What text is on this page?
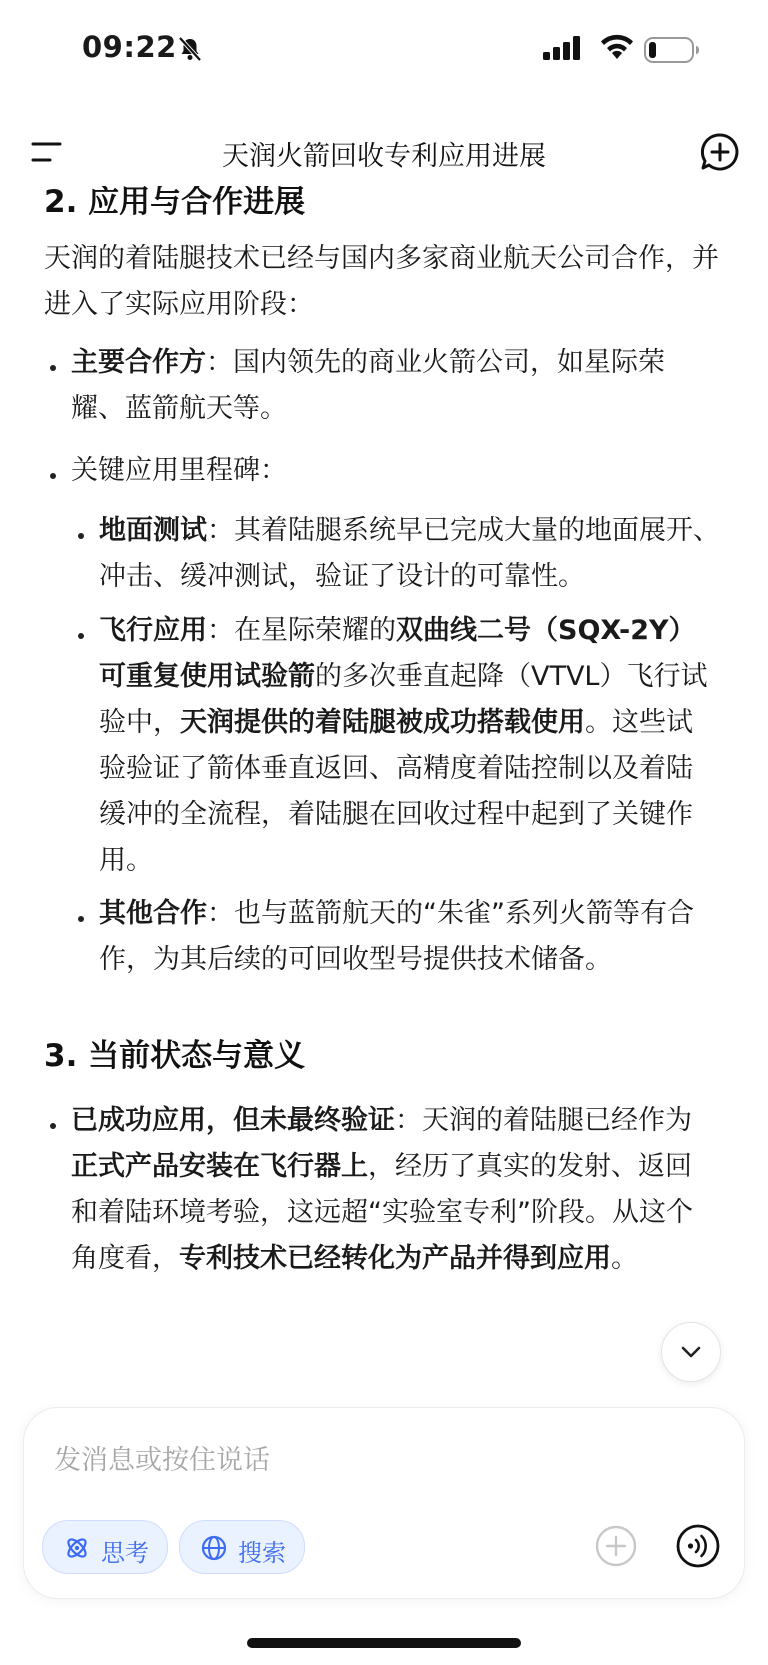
09:22
天润火箭回收专利应用进展
2. 应用与合作进展
天润的着陆腿技术已经与国内多家商业航天公司合作，并进入了实际应用阶段：
主要合作方：国内领先的商业火箭公司，如星际荣耀、蓝箭航天等。
关键应用里程碑：
地面测试：其着陆腿系统早已完成大量的地面展开、冲击、缓冲测试，验证了设计的可靠性。
飞行应用：在星际荣耀的双曲线二号（SQX-2Y）可重复使用试验箭的多次垂直起降（VTVL）飞行试验中，天润提供的着陆腿被成功搭载使用。这些试验验证了箭体垂直返回、高精度着陆控制以及着陆缓冲的全流程，着陆腿在回收过程中起到了关键作用。
其他合作：也与蓝箭航天的“朱雀”系列火箭等有合作，为其后续的可回收型号提供技术储备。
3. 当前状态与意义
已成功应用，但未最终验证：天润的着陆腿已经作为正式产品安装在飞行器上，经历了真实的发射、返回和着陆环境考验，这远超“实验室专利”阶段。从这个角度看，专利技术已经转化为产品并得到应用。
发消息或按住说话
思考	搜索
